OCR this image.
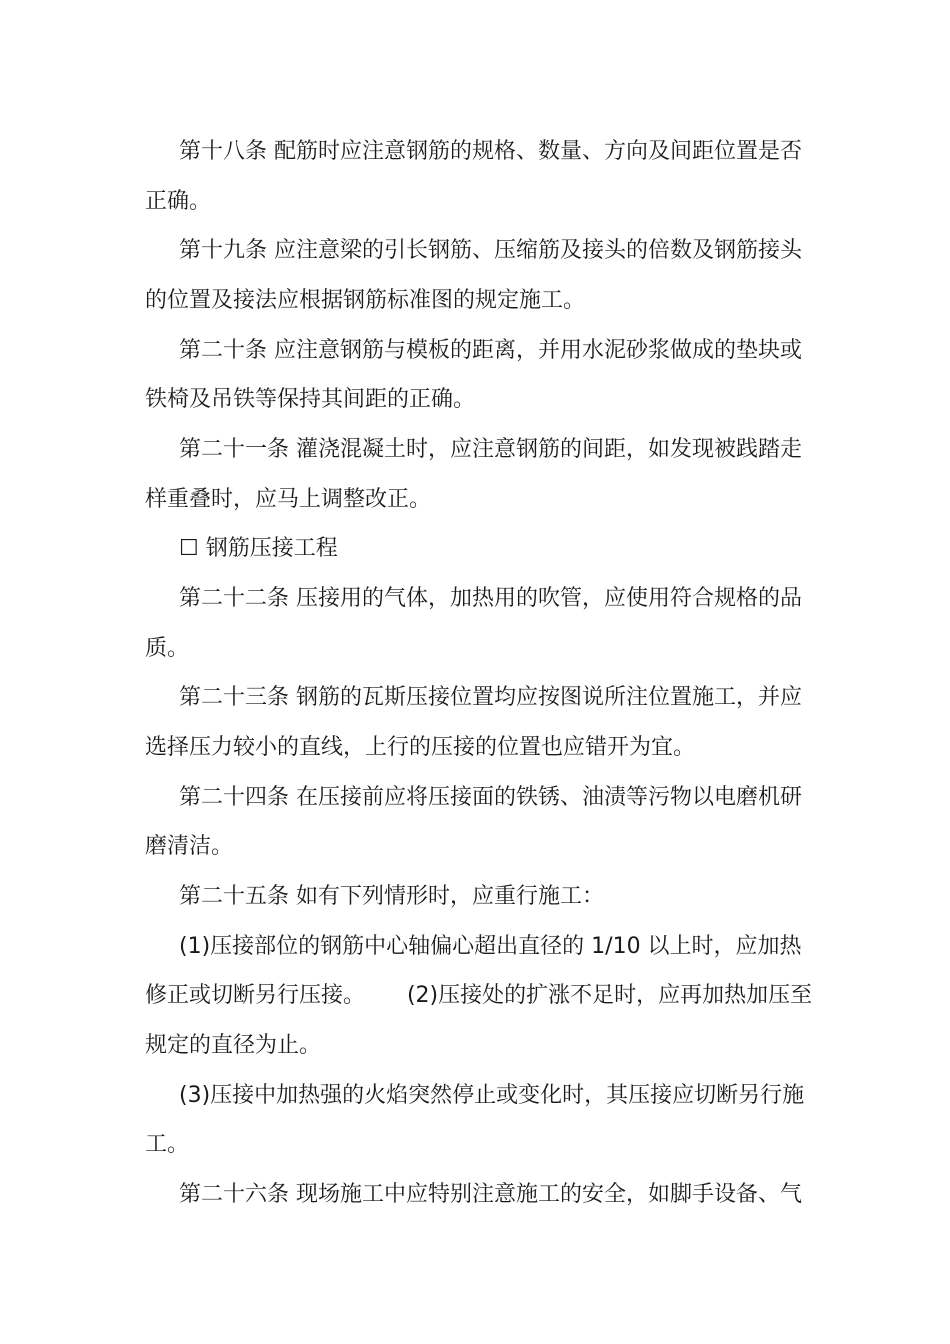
第十八条 配筋时应注意钢筋的规格、数量、方向及间距位置是否
正确。
第十九条 应注意梁的引长钢筋、压缩筋及接头的倍数及钢筋接头
的位置及接法应根据钢筋标准图的规定施工。
第二十条 应注意钢筋与模板的距离，并用水泥砂浆做成的垫块或
铁椅及吊铁等保持其间距的正确。
第二十一条 灌浇混凝土时，应注意钢筋的间距，如发现被践踏走
样重叠时，应马上调整改正。
☐ 钢筋压接工程
第二十二条 压接用的气体，加热用的吹管，应使用符合规格的品
质。
第二十三条 钢筋的瓦斯压接位置均应按图说所注位置施工，并应
选择压力较小的直线，上行的压接的位置也应错开为宜。
第二十四条 在压接前应将压接面的铁锈、油渍等污物以电磨机研
磨清洁。
第二十五条 如有下列情形时，应重行施工：
(1)压接部位的钢筋中心轴偏心超出直径的 1/10 以上时，应加热
修正或切断另行压接。      (2)压接处的扩涨不足时，应再加热加压至
规定的直径为止。
(3)压接中加热强的火焰突然停止或变化时，其压接应切断另行施
工。
第二十六条 现场施工中应特别注意施工的安全，如脚手设备、气
